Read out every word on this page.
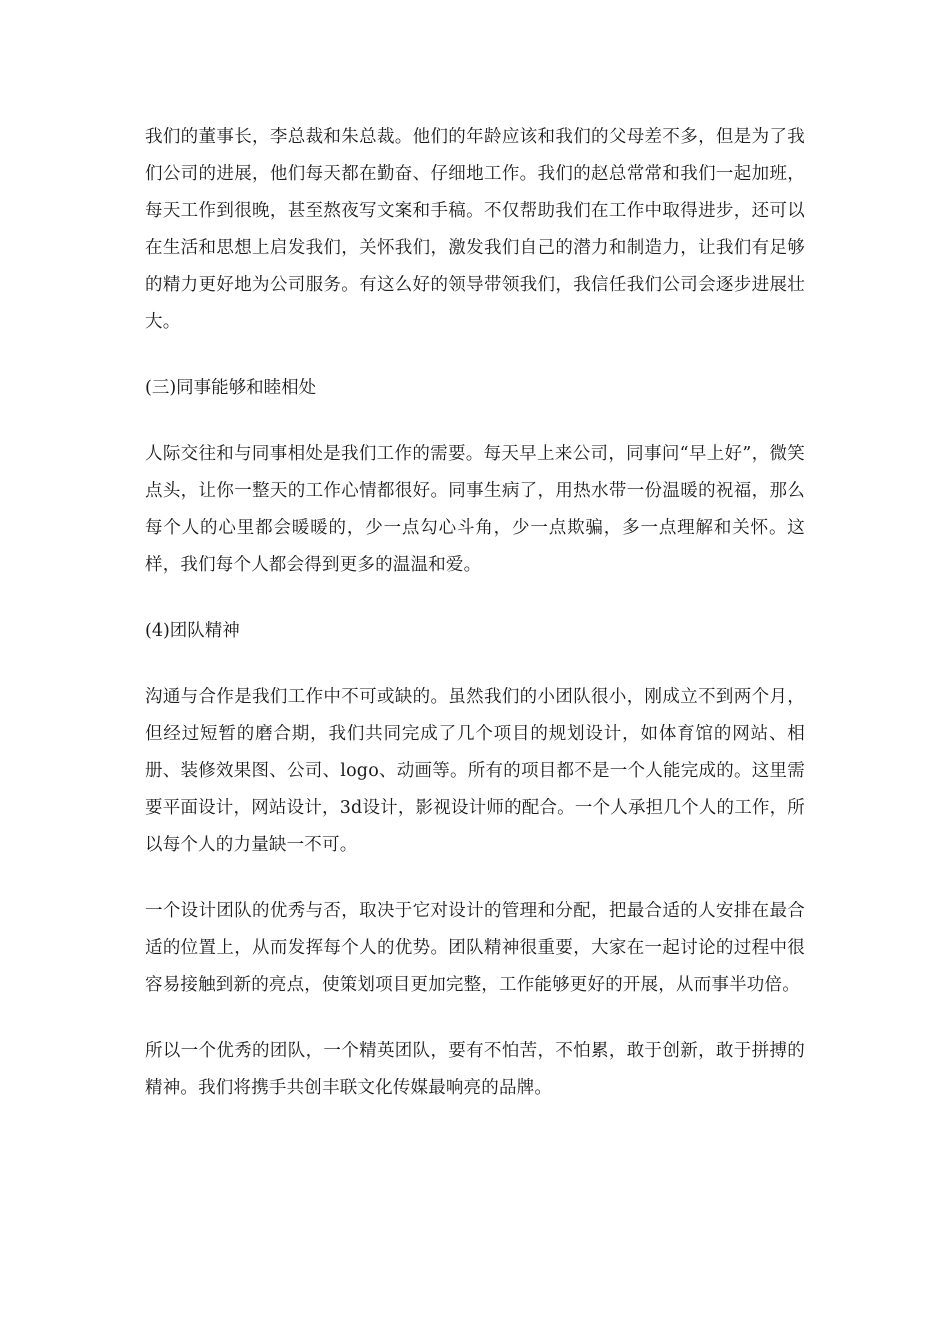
我们的董事长，李总裁和朱总裁。他们的年龄应该和我们的父母差不多，但是为了我们公司的进展，他们每天都在勤奋、仔细地工作。我们的赵总常常和我们一起加班，每天工作到很晚，甚至熬夜写文案和手稿。不仅帮助我们在工作中取得进步，还可以在生活和思想上启发我们，关怀我们，激发我们自己的潜力和制造力，让我们有足够的精力更好地为公司服务。有这么好的领导带领我们，我信任我们公司会逐步进展壮大。

(三)同事能够和睦相处

人际交往和与同事相处是我们工作的需要。每天早上来公司，同事问“早上好”，微笑点头，让你一整天的工作心情都很好。同事生病了，用热水带一份温暖的祝福，那么每个人的心里都会暖暖的，少一点勾心斗角，少一点欺骗，多一点理解和关怀。这样，我们每个人都会得到更多的温温和爱。

(4)团队精神

沟通与合作是我们工作中不可或缺的。虽然我们的小团队很小，刚成立不到两个月，但经过短暂的磨合期，我们共同完成了几个项目的规划设计，如体育馆的网站、相册、装修效果图、公司、logo、动画等。所有的项目都不是一个人能完成的。这里需要平面设计，网站设计，3d设计，影视设计师的配合。一个人承担几个人的工作，所以每个人的力量缺一不可。

一个设计团队的优秀与否，取决于它对设计的管理和分配，把最合适的人安排在最合适的位置上，从而发挥每个人的优势。团队精神很重要，大家在一起讨论的过程中很容易接触到新的亮点，使策划项目更加完整，工作能够更好的开展，从而事半功倍。

所以一个优秀的团队，一个精英团队，要有不怕苦，不怕累，敢于创新，敢于拼搏的精神。我们将携手共创丰联文化传媒最响亮的品牌。
